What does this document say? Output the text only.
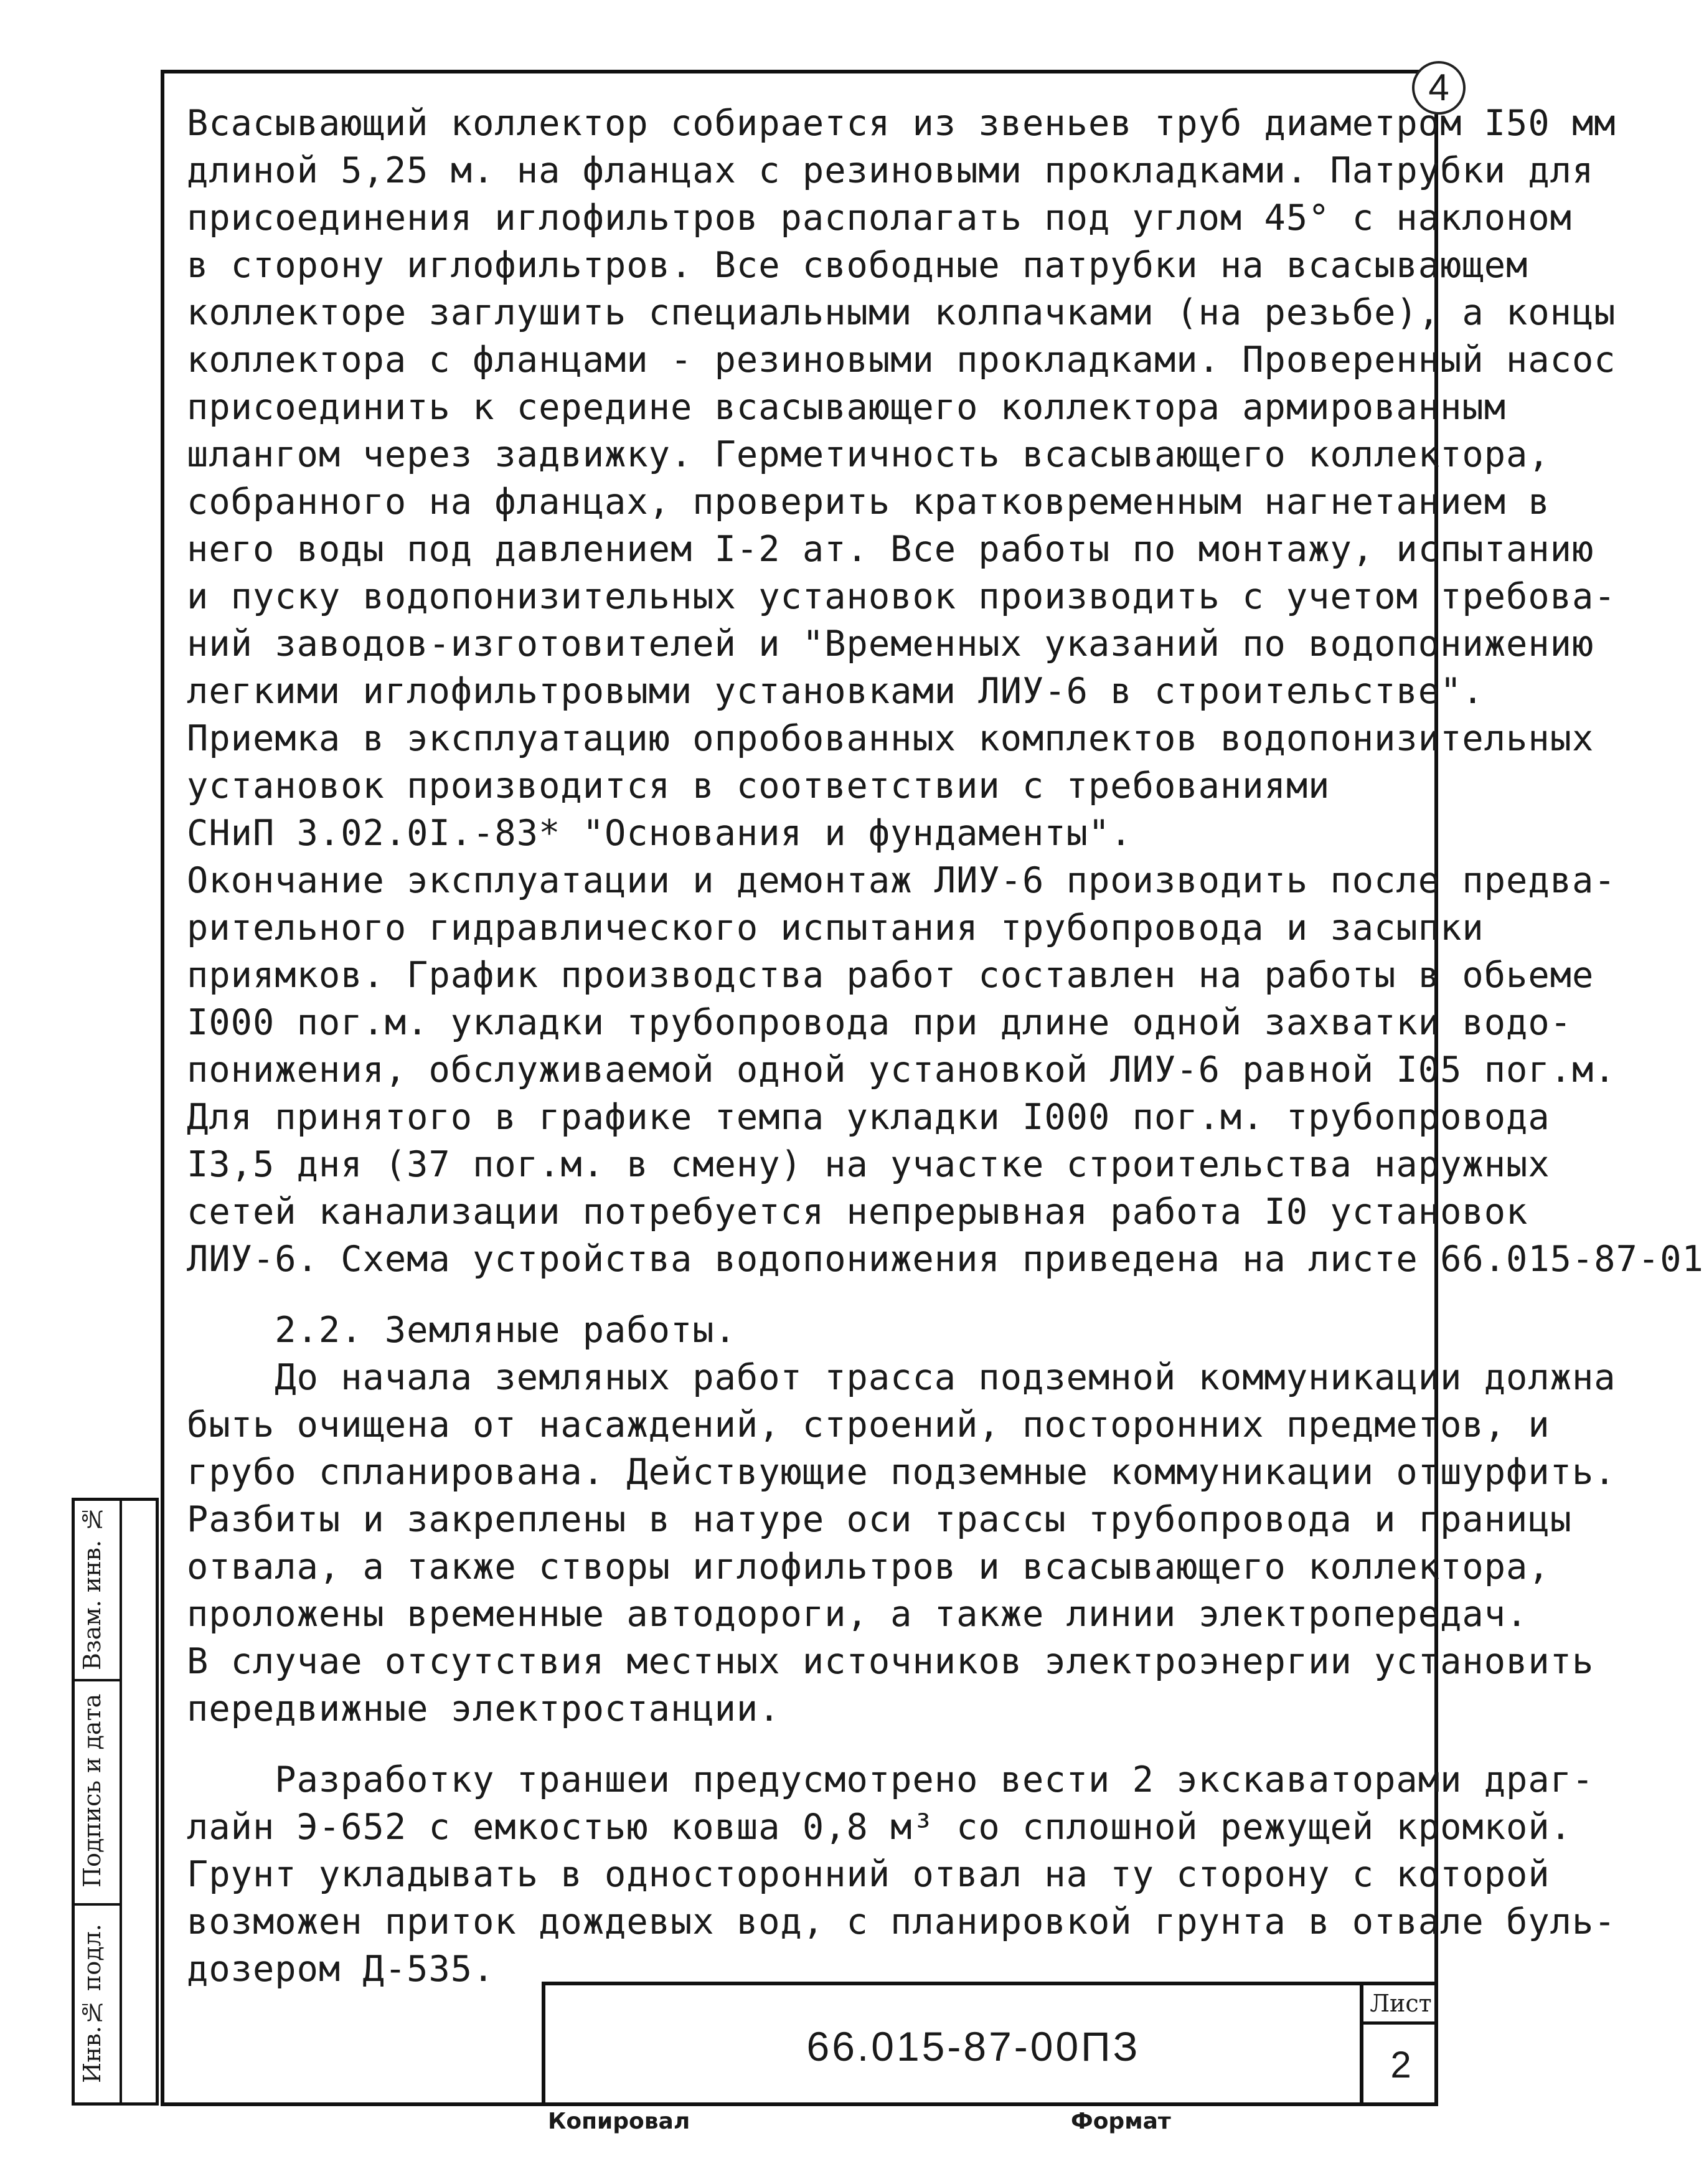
4
Всасывающий коллектор собирается из звеньев труб диаметром I50 мм
длиной 5,25 м. на фланцах с резиновыми прокладками. Патрубки для
присоединения иглофильтров располагать под углом 45° с наклоном
в сторону иглофильтров. Все свободные патрубки на всасывающем
коллекторе заглушить специальными колпачками (на резьбе), а концы
коллектора с фланцами - резиновыми прокладками. Проверенный насос
присоединить к середине всасывающего коллектора армированным
шлангом через задвижку. Герметичность всасывающего коллектора,
собранного на фланцах, проверить кратковременным нагнетанием в
него воды под давлением I-2 ат. Все работы по монтажу, испытанию
и пуску водопонизительных установок производить с учетом требова-
ний заводов-изготовителей и "Временных указаний по водопонижению
легкими иглофильтровыми установками ЛИУ-6 в строительстве".
Приемка в эксплуатацию опробованных комплектов водопонизительных
установок производится в соответствии с требованиями
СНиП 3.02.0I.-83* "Основания и фундаменты".
Окончание эксплуатации и демонтаж ЛИУ-6 производить после предва-
рительного гидравлического испытания трубопровода и засыпки
приямков. График производства работ составлен на работы в обьеме
I000 пог.м. укладки трубопровода при длине одной захватки водо-
понижения, обслуживаемой одной установкой ЛИУ-6 равной I05 пог.м.
Для принятого в графике темпа укладки I000 пог.м. трубопровода
I3,5 дня (37 пог.м. в смену) на участке строительства наружных
сетей канализации потребуется непрерывная работа I0 установок
ЛИУ-6. Схема устройства водопонижения приведена на листе 66.015-87-01
2.2. Земляные работы.
До начала земляных работ трасса подземной коммуникации должна
быть очищена от насаждений, строений, посторонних предметов, и
грубо спланирована. Действующие подземные коммуникации отшурфить.
Разбиты и закреплены в натуре оси трассы трубопровода и границы
отвала, а также створы иглофильтров и всасывающего коллектора,
проложены временные автодороги, а также линии электропередач.
В случае отсутствия местных источников электроэнергии установить
передвижные электростанции.
Разработку траншеи предусмотрено вести 2 экскаваторами драг-
лайн Э-652 с емкостью ковша 0,8 м³ со сплошной режущей кромкой.
Грунт укладывать в односторонний отвал на ту сторону с которой
возможен приток дождевых вод, с планировкой грунта в отвале буль-
дозером Д-535.
Взам. инв. №
Подпись и дата
Инв.№ подл.	66.015-87-00ПЗ
Лист
2
Копировал	Формат
